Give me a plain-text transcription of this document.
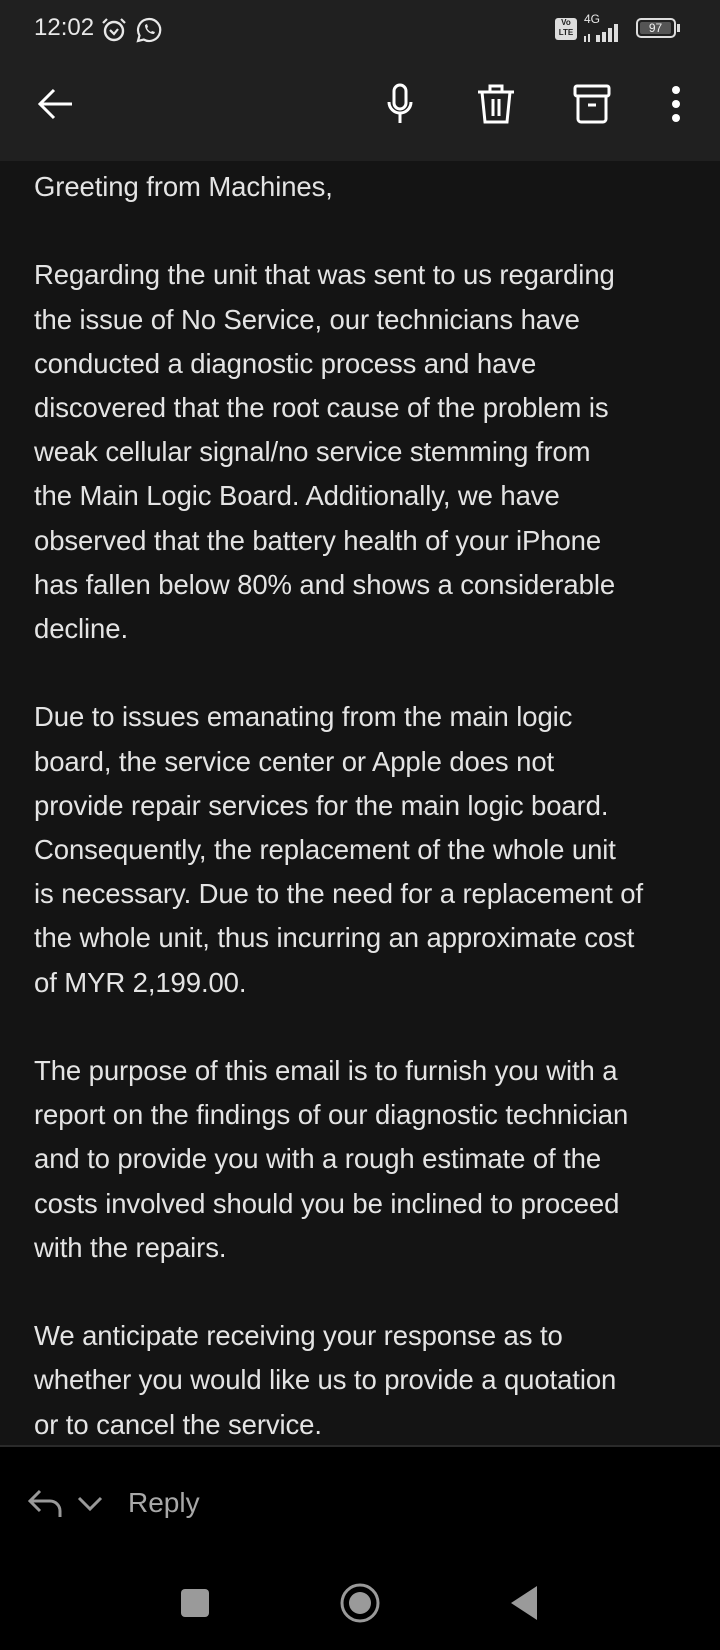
12:02	Vo LTE
4G
97
Greeting from Machines,
Regarding the unit that was sent to us regarding
the issue of No Service, our technicians have
conducted a diagnostic process and have
discovered that the root cause of the problem is
weak cellular signal/no service stemming from
the Main Logic Board. Additionally, we have
observed that the battery health of your iPhone
has fallen below 80% and shows a considerable
decline.
Due to issues emanating from the main logic
board, the service center or Apple does not
provide repair services for the main logic board.
Consequently, the replacement of the whole unit
is necessary. Due to the need for a replacement of
the whole unit, thus incurring an approximate cost
of MYR 2,199.00.
The purpose of this email is to furnish you with a
report on the findings of our diagnostic technician
and to provide you with a rough estimate of the
costs involved should you be inclined to proceed
with the repairs.
We anticipate receiving your response as to
whether you would like us to provide a quotation
or to cancel the service.
Reply
